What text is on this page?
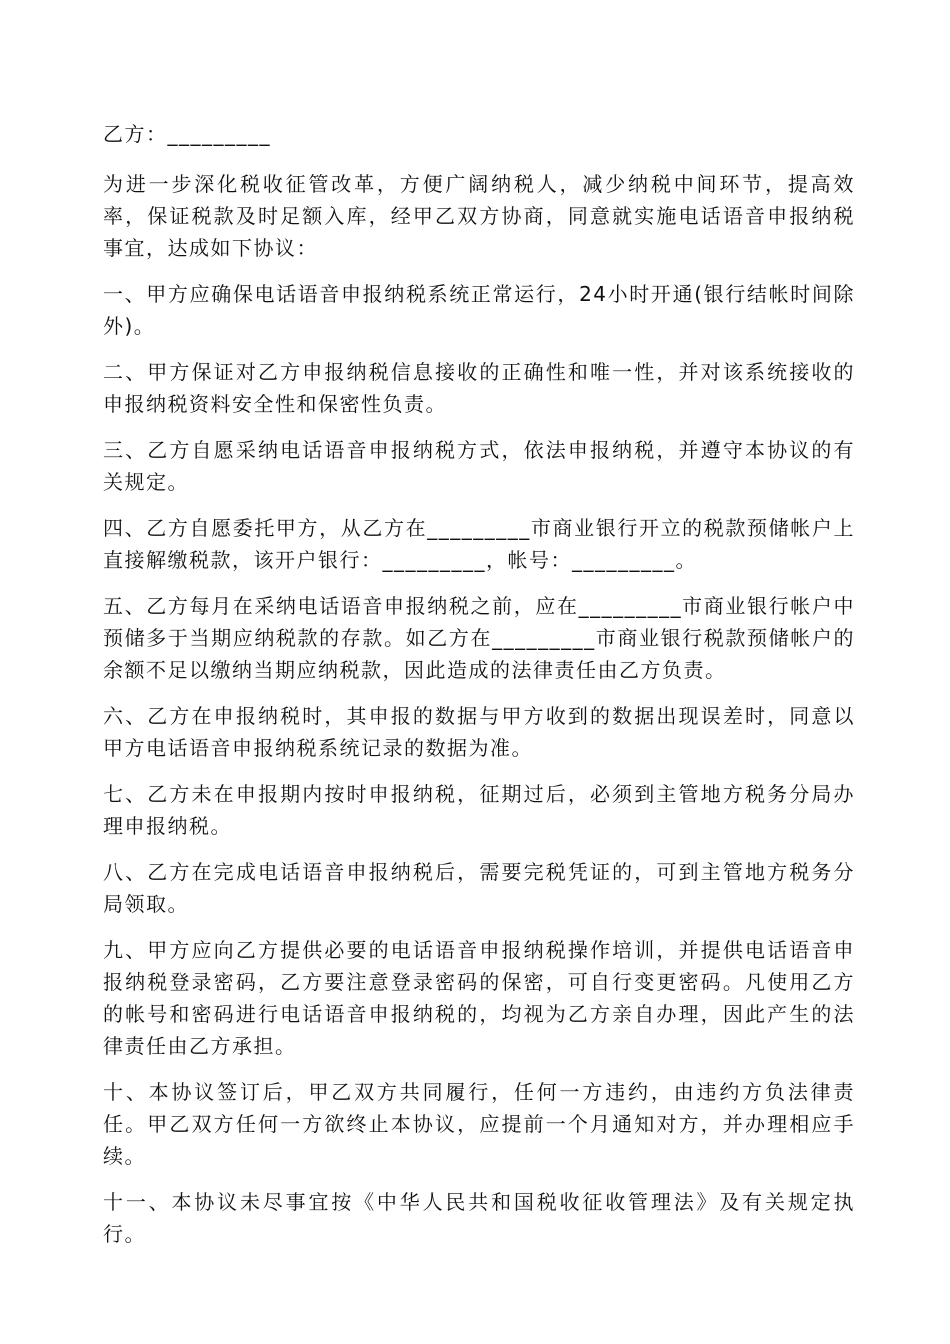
乙方：_________

为进一步深化税收征管改革，方便广阔纳税人，减少纳税中间环节，提高效率，保证税款及时足额入库，经甲乙双方协商，同意就实施电话语音申报纳税事宜，达成如下协议：

一、甲方应确保电话语音申报纳税系统正常运行，24小时开通(银行结帐时间除外)。

二、甲方保证对乙方申报纳税信息接收的正确性和唯一性，并对该系统接收的申报纳税资料安全性和保密性负责。

三、乙方自愿采纳电话语音申报纳税方式，依法申报纳税，并遵守本协议的有关规定。

四、乙方自愿委托甲方，从乙方在_________市商业银行开立的税款预储帐户上直接解缴税款，该开户银行：_________，帐号：_________。

五、乙方每月在采纳电话语音申报纳税之前，应在_________市商业银行帐户中预储多于当期应纳税款的存款。如乙方在_________市商业银行税款预储帐户的余额不足以缴纳当期应纳税款，因此造成的法律责任由乙方负责。

六、乙方在申报纳税时，其申报的数据与甲方收到的数据出现误差时，同意以甲方电话语音申报纳税系统记录的数据为准。

七、乙方未在申报期内按时申报纳税，征期过后，必须到主管地方税务分局办理申报纳税。

八、乙方在完成电话语音申报纳税后，需要完税凭证的，可到主管地方税务分局领取。

九、甲方应向乙方提供必要的电话语音申报纳税操作培训，并提供电话语音申报纳税登录密码，乙方要注意登录密码的保密，可自行变更密码。凡使用乙方的帐号和密码进行电话语音申报纳税的，均视为乙方亲自办理，因此产生的法律责任由乙方承担。

十、本协议签订后，甲乙双方共同履行，任何一方违约，由违约方负法律责任。甲乙双方任何一方欲终止本协议，应提前一个月通知对方，并办理相应手续。

十一、本协议未尽事宜按《中华人民共和国税收征收管理法》及有关规定执行。
